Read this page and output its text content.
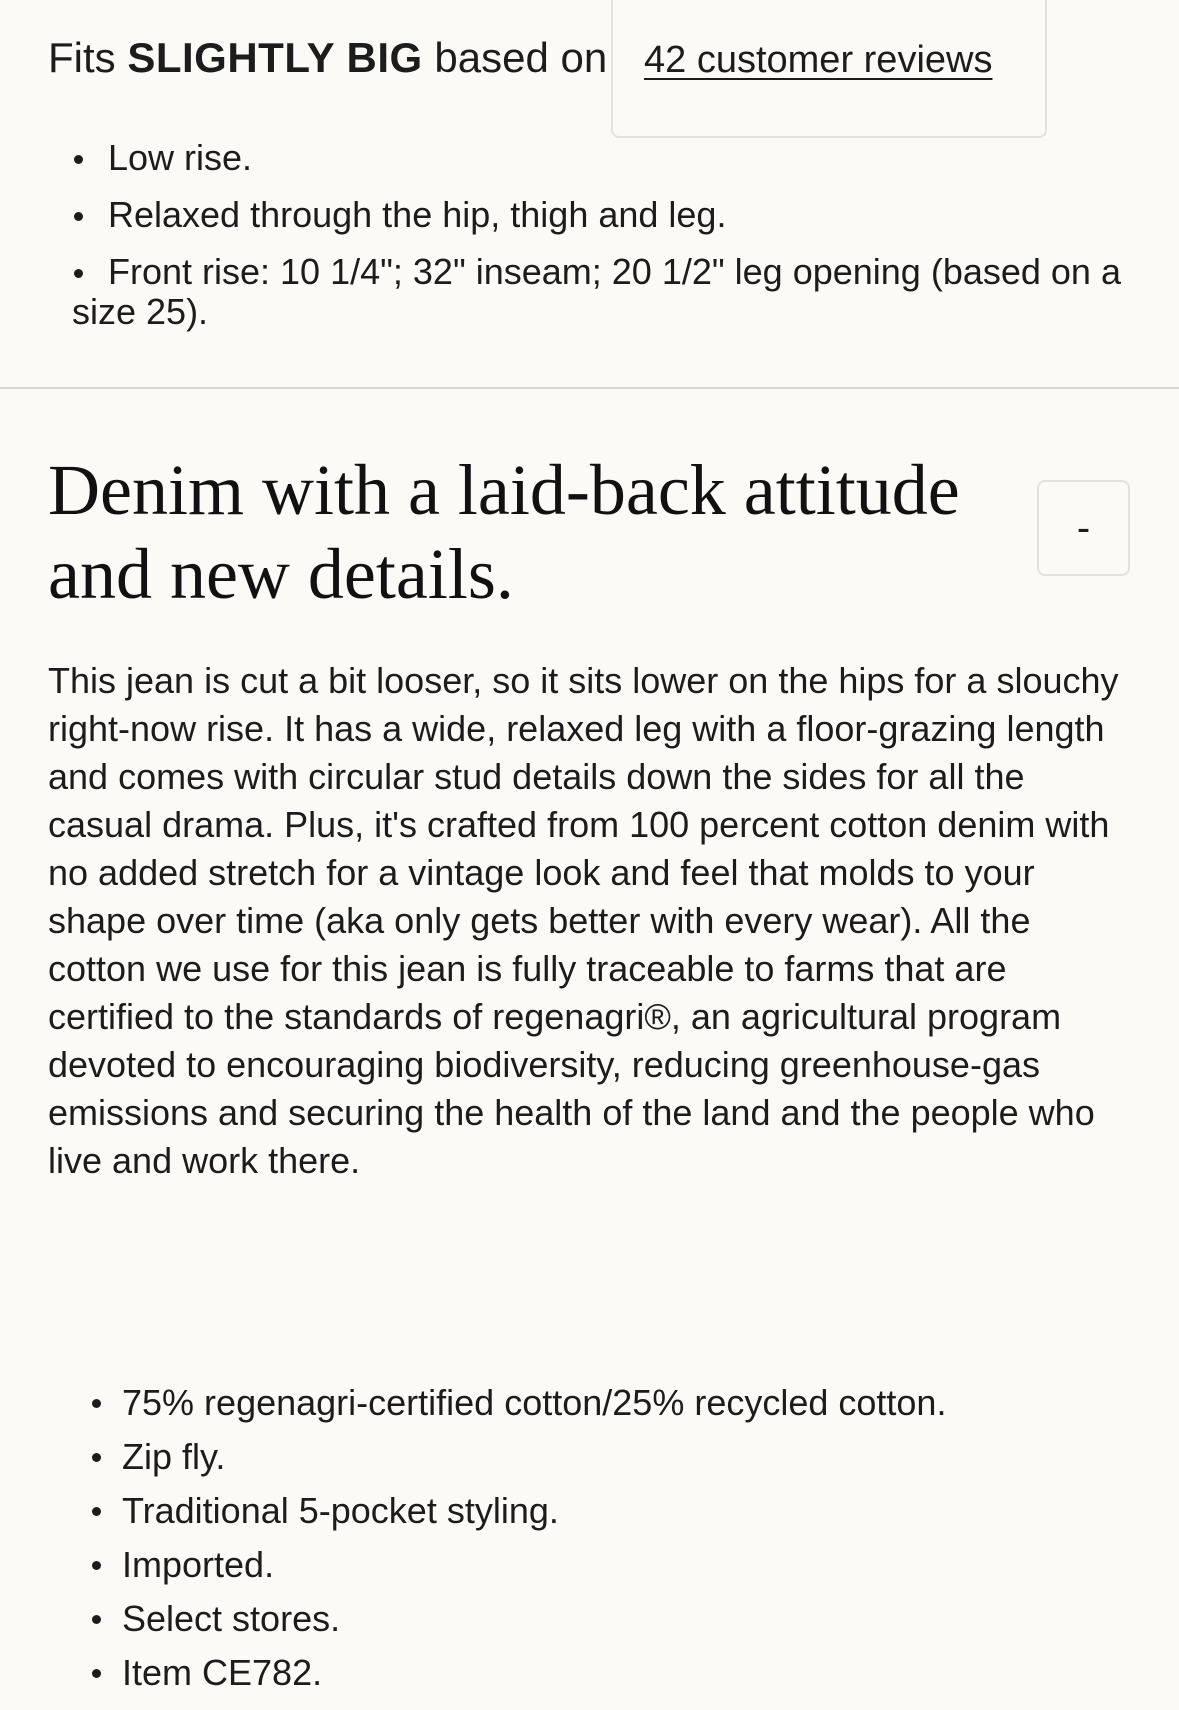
Fits SLIGHTLY BIG based on 42 customer reviews
Low rise.
Relaxed through the hip, thigh and leg.
Front rise: 10 1/4"; 32" inseam; 20 1/2" leg opening (based on a size 25).
Denim with a laid-back attitude and new details.
-

This jean is cut a bit looser, so it sits lower on the hips for a slouchy right-now rise. It has a wide, relaxed leg with a floor-grazing length and comes with circular stud details down the sides for all the casual drama. Plus, it's crafted from 100 percent cotton denim with no added stretch for a vintage look and feel that molds to your shape over time (aka only gets better with every wear). All the cotton we use for this jean is fully traceable to farms that are certified to the standards of regenagri®, an agricultural program devoted to encouraging biodiversity, reducing greenhouse-gas emissions and securing the health of the land and the people who live and work there.

75% regenagri-certified cotton/25% recycled cotton.
Zip fly.
Traditional 5-pocket styling.
Imported.
Select stores.
Item CE782.
